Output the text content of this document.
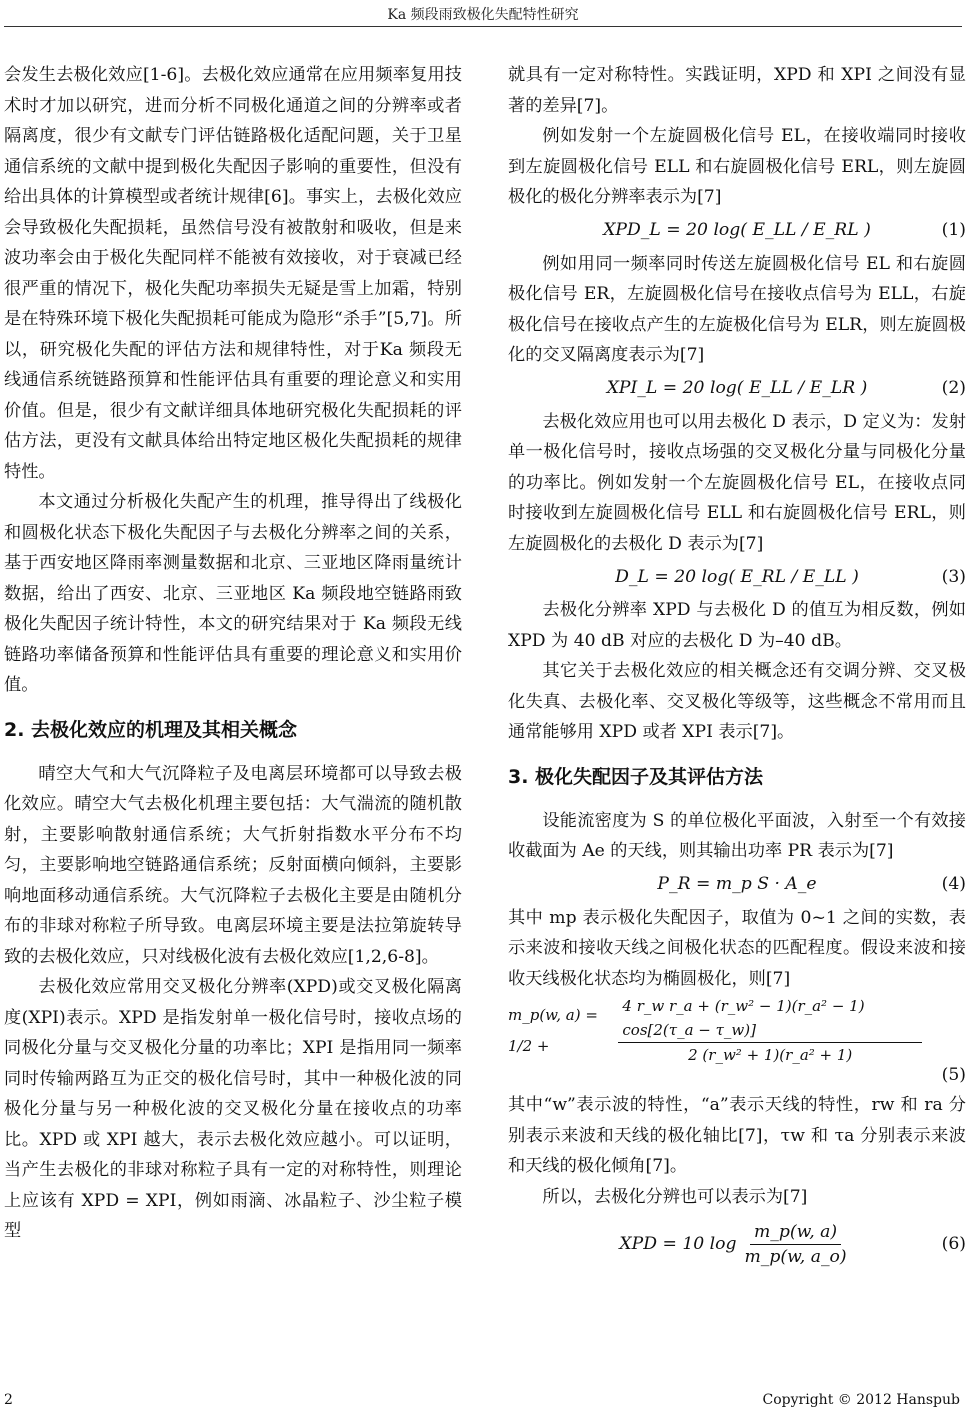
Ka 频段雨致极化失配特性研究

会发生去极化效应[1-6]。去极化效应通常在应用频率复用技术时才加以研究，进而分析不同极化通道之间的分辨率或者隔离度，很少有文献专门评估链路极化适配问题，关于卫星通信系统的文献中提到极化失配因子影响的重要性，但没有给出具体的计算模型或者统计规律[6]。事实上，去极化效应会导致极化失配损耗，虽然信号没有被散射和吸收，但是来波功率会由于极化失配同样不能被有效接收，对于衰减已经很严重的情况下，极化失配功率损失无疑是雪上加霜，特别是在特殊环境下极化失配损耗可能成为隐形“杀手”[5,7]。所以，研究极化失配的评估方法和规律特性，对于Ka 频段无线通信系统链路预算和性能评估具有重要的理论意义和实用价值。但是，很少有文献详细具体地研究极化失配损耗的评估方法，更没有文献具体给出特定地区极化失配损耗的规律特性。

本文通过分析极化失配产生的机理，推导得出了线极化和圆极化状态下极化失配因子与去极化分辨率之间的关系，基于西安地区降雨率测量数据和北京、三亚地区降雨量统计数据，给出了西安、北京、三亚地区 Ka 频段地空链路雨致极化失配因子统计特性，本文的研究结果对于 Ka 频段无线链路功率储备预算和性能评估具有重要的理论意义和实用价值。

2. 去极化效应的机理及其相关概念

晴空大气和大气沉降粒子及电离层环境都可以导致去极化效应。晴空大气去极化机理主要包括：大气湍流的随机散射，主要影响散射通信系统；大气折射指数水平分布不均匀，主要影响地空链路通信系统；反射面横向倾斜，主要影响地面移动通信系统。大气沉降粒子去极化主要是由随机分布的非球对称粒子所导致。电离层环境主要是法拉第旋转导致的去极化效应，只对线极化波有去极化效应[1,2,6-8]。

去极化效应常用交叉极化分辨率(XPD)或交叉极化隔离度(XPI)表示。XPD 是指发射单一极化信号时，接收点场的同极化分量与交叉极化分量的功率比；XPI 是指用同一频率同时传输两路互为正交的极化信号时，其中一种极化波的同极化分量与另一种极化波的交叉极化分量在接收点的功率比。XPD 或 XPI 越大，表示去极化效应越小。可以证明，当产生去极化的非球对称粒子具有一定的对称特性，则理论上应该有 XPD = XPI，例如雨滴、冰晶粒子、沙尘粒子模型

就具有一定对称特性。实践证明，XPD 和 XPI 之间没有显著的差异[7]。

例如发射一个左旋圆极化信号 EL，在接收端同时接收到左旋圆极化信号 ELL 和右旋圆极化信号 ERL，则左旋圆极化的极化分辨率表示为[7]

XPD_L = 20 log( E_LL / E_RL )	(1)

例如用同一频率同时传送左旋圆极化信号 EL 和右旋圆极化信号 ER，左旋圆极化信号在接收点信号为 ELL，右旋极化信号在接收点产生的左旋极化信号为 ELR，则左旋圆极化的交叉隔离度表示为[7]

XPI_L = 20 log( E_LL / E_LR )	(2)

去极化效应用也可以用去极化 D 表示，D 定义为：发射单一极化信号时，接收点场强的交叉极化分量与同极化分量的功率比。例如发射一个左旋圆极化信号 EL，在接收点同时接收到左旋圆极化信号 ELL 和右旋圆极化信号 ERL，则左旋圆极化的去极化 D 表示为[7]

D_L = 20 log( E_RL / E_LL )	(3)

去极化分辨率 XPD 与去极化 D 的值互为相反数，例如 XPD 为 40 dB 对应的去极化 D 为–40 dB。

其它关于去极化效应的相关概念还有交调分辨、交叉极化失真、去极化率、交叉极化等级等，这些概念不常用而且通常能够用 XPD 或者 XPI 表示[7]。

3. 极化失配因子及其评估方法

设能流密度为 S 的单位极化平面波，入射至一个有效接收截面为 Ae 的天线，则其输出功率 PR 表示为[7]

P_R = m_p S · A_e	(4)

其中 mp 表示极化失配因子，取值为 0~1 之间的实数，表示来波和接收天线之间极化状态的匹配程度。假设来波和接收天线极化状态均为椭圆极化，则[7]

m_p(w, a) = 1/2 +	$\frac{\text{4 r\_w r\_a + (r\_w² − 1)(r\_a² − 1) cos[2(τ\_a − τ\_w)]}}{\text{2 (r\_w² + 1)(r\_a² + 1)}}$
(5)

其中“w”表示波的特性，“a”表示天线的特性，rw 和 ra 分别表示来波和天线的极化轴比[7]，τw 和 τa 分别表示来波和天线的极化倾角[7]。

所以，去极化分辨也可以表示为[7]

XPD = 10 $\log \frac{m\_p(w, a)}{m\_p(w, a\_o)}$	(6)
2	Copyright © 2012 Hanspub
